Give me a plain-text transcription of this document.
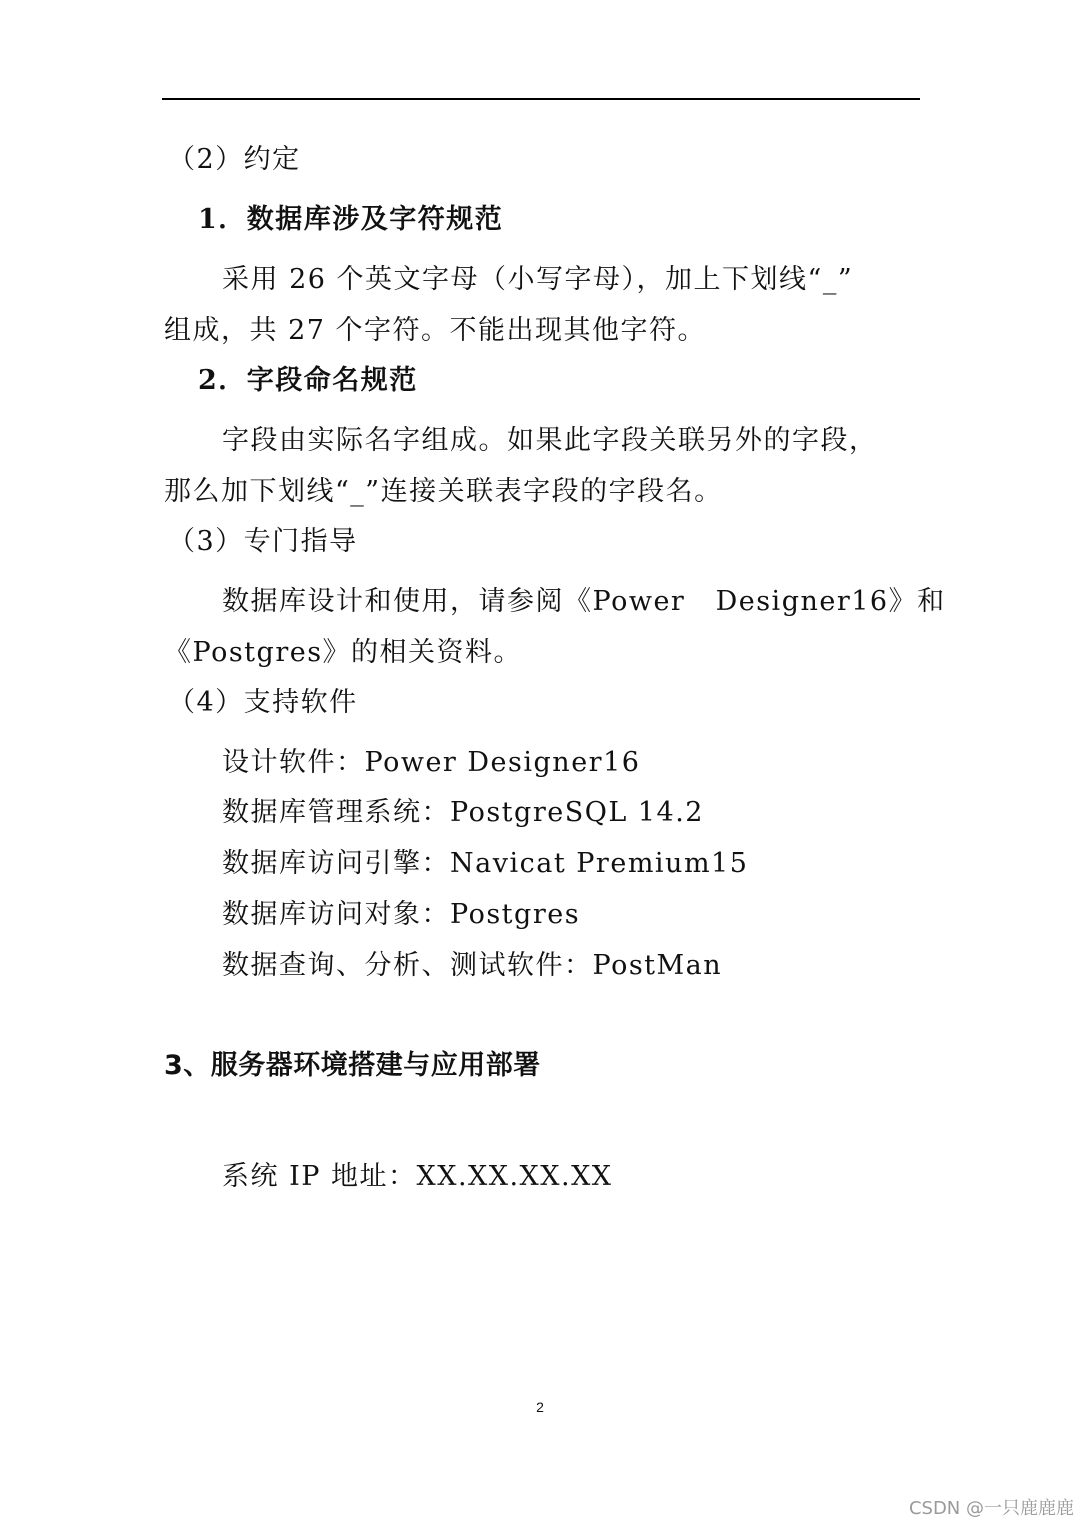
（2）约定
1．数据库涉及字符规范
采用 26 个英文字母（小写字母），加上下划线“_”
组成，共 27 个字符。不能出现其他字符。
2．字段命名规范
字段由实际名字组成。如果此字段关联另外的字段，
那么加下划线“_”连接关联表字段的字段名。
（3）专门指导
数据库设计和使用，请参阅《Power   Designer16》和
《Postgres》的相关资料。
（4）支持软件
设计软件：Power Designer16
数据库管理系统：PostgreSQL 14.2
数据库访问引擎：Navicat Premium15
数据库访问对象：Postgres
数据查询、分析、测试软件：PostMan
3、服务器环境搭建与应用部署
系统 IP 地址：XX.XX.XX.XX
2
CSDN @一只鹿鹿鹿
